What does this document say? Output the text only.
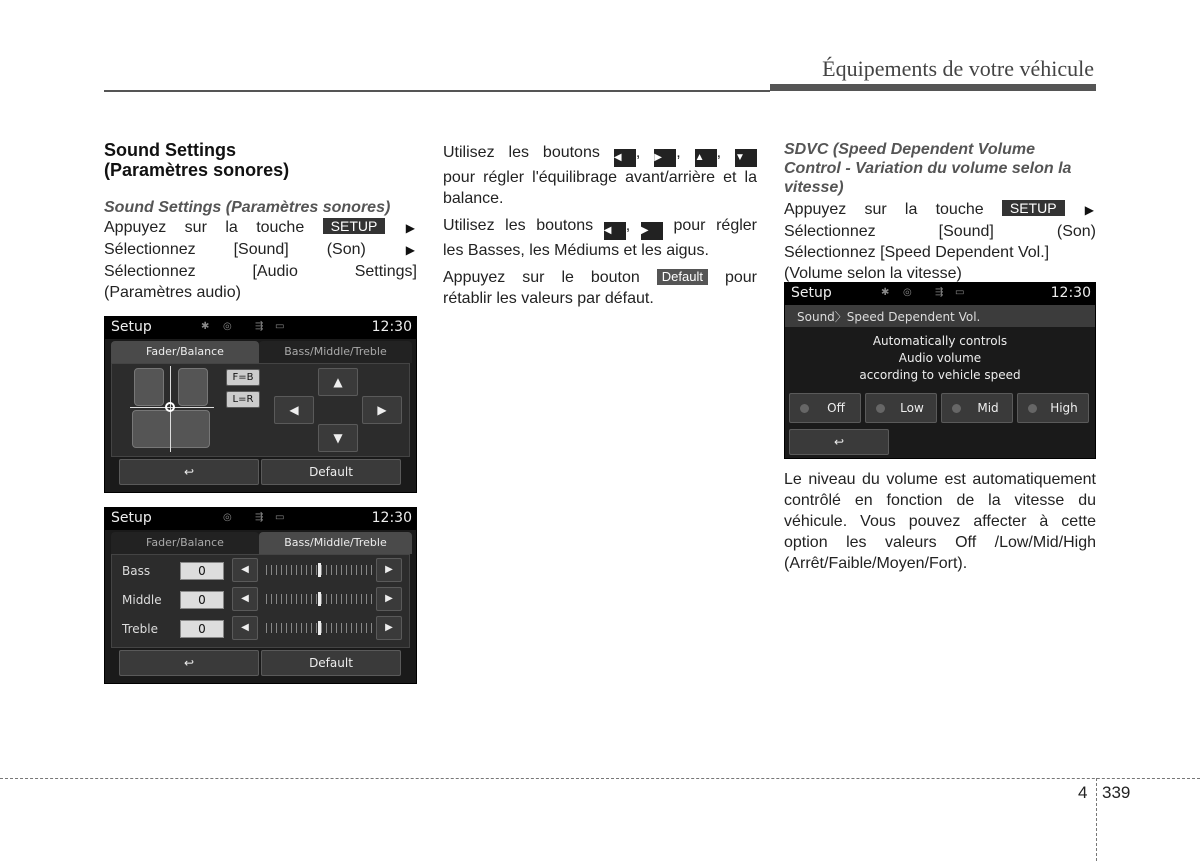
Équipements de votre véhicule
Sound Settings
(Paramètres sonores)
Sound Settings (Paramètres sonores)
Appuyez sur la touche SETUP ▶
Sélectionnez [Sound] (Son)	▶
Sélectionnez	[Audio	Settings]
(Paramètres audio)
Setup	✱ ◎ ⇶ ▭	12:30
Fader/Balance	Bass/Middle/Treble
F=B
L=R
▲
◀	▶
▼
↩	Default
Setup	◎ ⇶ ▭	12:30
Fader/Balance	Bass/Middle/Treble
Bass	0	◀	▶
Middle	0	◀	▶
Treble	0	◀	▶
↩	Default
Utilisez les boutons ◀ , ▶ , ▲ , ▼
pour régler l'équilibrage avant/arrière et la balance.
Utilisez les boutons ◀ , ▶ pour régler
les Basses, les Médiums et les aigus.
Appuyez sur le bouton Default pour
rétablir les valeurs par défaut.
SDVC (Speed Dependent Volume Control - Variation du volume selon la vitesse)
Appuyez sur la touche SETUP ▶
Sélectionnez	[Sound]	(Son)
Sélectionnez [Speed Dependent Vol.]
(Volume selon la vitesse)
Setup	✱ ◎ ⇶ ▭	12:30
Sound〉Speed Dependent Vol.
Automatically controls
Audio volume
according to vehicle speed
Off	Low	Mid	High
↩
Le niveau du volume est automatiquement contrôlé en fonction de la vitesse du véhicule. Vous pouvez affecter à cette option les valeurs Off /Low/Mid/High (Arrêt/Faible/Moyen/Fort).
4 339
